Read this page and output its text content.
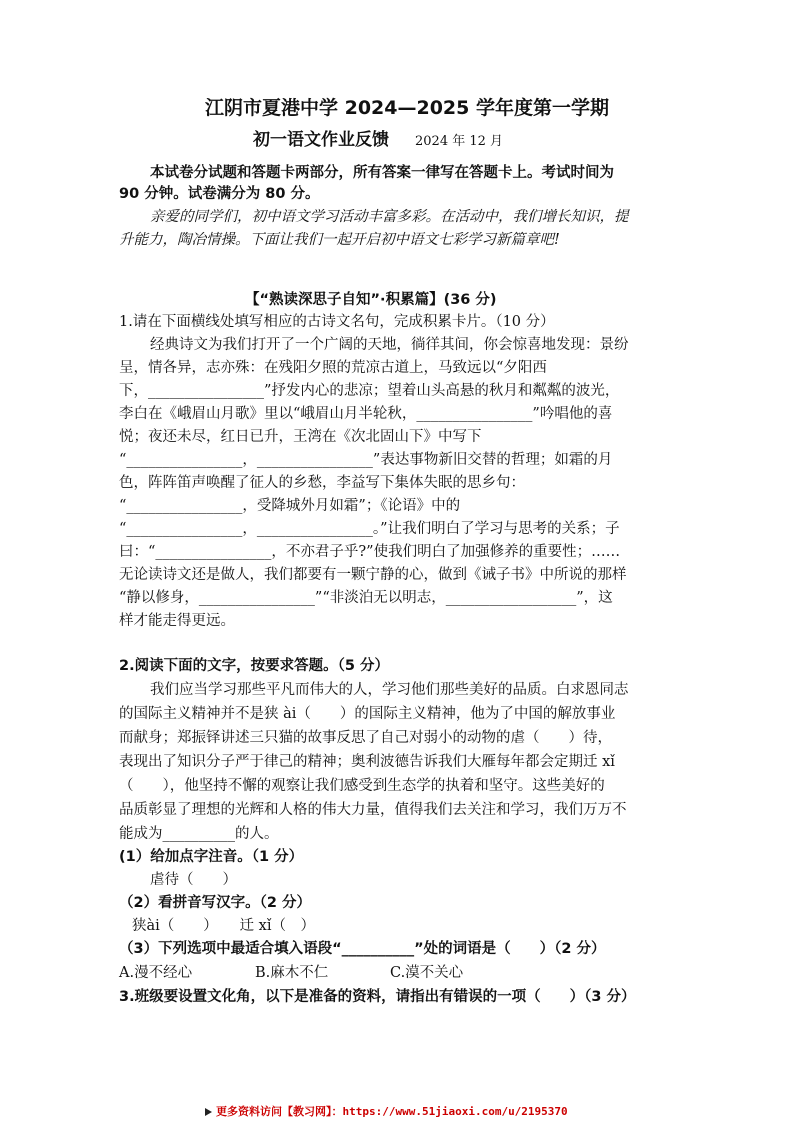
江阴市夏港中学 2024—2025 学年度第一学期
初一语文作业反馈 2024 年 12 月
本试卷分试题和答题卡两部分，所有答案一律写在答题卡上。考试时间为
90 分钟。试卷满分为 80 分。
亲爱的同学们，初中语文学习活动丰富多彩。在活动中，我们增长知识，提
升能力，陶冶情操。下面让我们一起开启初中语文七彩学习新篇章吧!
【“熟读深思子自知”·积累篇】(36 分)
1.请在下面横线处填写相应的古诗文名句，完成积累卡片。（10 分）
经典诗文为我们打开了一个广阔的天地，徜徉其间，你会惊喜地发现：景纷
呈，情各异，志亦殊：在残阳夕照的荒凉古道上，马致远以“夕阳西
下，________________”抒发内心的悲凉；望着山头高悬的秋月和粼粼的波光，
李白在《峨眉山月歌》里以“峨眉山月半轮秋，________________”吟唱他的喜
悦；夜还未尽，红日已升，王湾在《次北固山下》中写下
“________________，________________”表达事物新旧交替的哲理；如霜的月
色，阵阵笛声唤醒了征人的乡愁，李益写下集体失眠的思乡句：
“________________，受降城外月如霜”；《论语》中的
“________________，________________。”让我们明白了学习与思考的关系；子
曰：“________________，不亦君子乎?”使我们明白了加强修养的重要性；……
无论读诗文还是做人，我们都要有一颗宁静的心，做到《诫子书》中所说的那样
“静以修身，________________”“非淡泊无以明志，__________________”，这
样才能走得更远。
2.阅读下面的文字，按要求答题。（5 分）
我们应当学习那些平凡而伟大的人，学习他们那些美好的品质。白求恩同志
的国际主义精神并不是狭 ài（　　）的国际主义精神，他为了中国的解放事业
而献身；郑振铎讲述三只猫的故事反思了自己对弱小的动物的虐（　　）待，
表现出了知识分子严于律己的精神；奥利波德告诉我们大雁每年都会定期迁 xǐ
（　　），他坚持不懈的观察让我们感受到生态学的执着和坚守。这些美好的
品质彰显了理想的光辉和人格的伟大力量，值得我们去关注和学习，我们万万不
能成为__________的人。
(1）给加点字注音。（1 分）
虐待（　　）
（2）看拼音写汉字。（2 分）
狭ài（　　）　　迁 xǐ（　）
（3）下列选项中最适合填入语段“__________”处的词语是（　　）（2 分）
A.漫不经心	B.麻木不仁	C.漠不关心
3.班级要设置文化角，以下是准备的资料，请指出有错误的一项（　　）（3 分）
更多资料访问【教习网】：https://www.51jiaoxi.com/u/2195370
